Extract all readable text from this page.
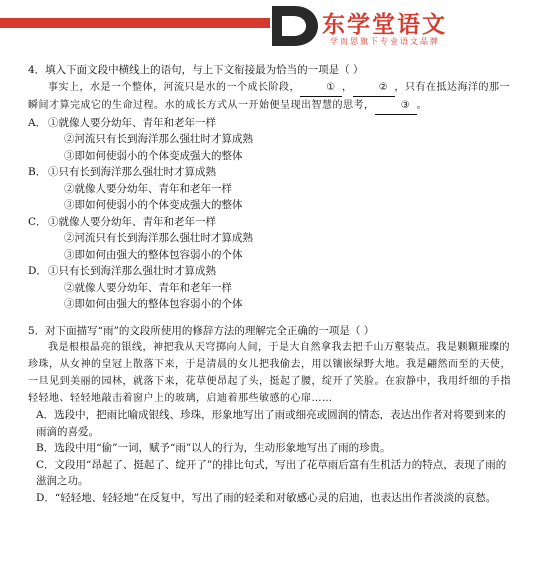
东学堂语文
学而思旗下专业语文品牌

4．填入下面文段中横线上的语句，与上下文衔接最为恰当的一项是（ ）

事实上，水是一个整体，河流只是水的一个成长阶段，	① ，	② ，只有在抵达海洋的那一瞬间才算完成它的生命过程。水的成长方式从一开始便呈现出智慧的思考，	③ 。

A． ①就像人要分幼年、青年和老年一样

②河流只有长到海洋那么强壮时才算成熟

③即如何使弱小的个体变成强大的整体

B． ①只有长到海洋那么强壮时才算成熟

②就像人要分幼年、青年和老年一样

③即如何使弱小的个体变成强大的整体

C．①就像人要分幼年、青年和老年一样

②河流只有长到海洋那么强壮时才算成熟

③即如何由强大的整体包容弱小的个体

D．①只有长到海洋那么强壮时才算成熟

②就像人要分幼年、青年和老年一样

③即如何由强大的整体包容弱小的个体

5．对下面描写“雨”的文段所使用的修辞方法的理解完全正确的一项是（ ）

我是根根晶亮的银线，神把我从天穹掷向人间，于是大自然拿我去把千山万壑装点。我是颗颗璀璨的珍珠，从女神的皇冠上散落下来，于是清晨的女儿把我偷去，用以镶嵌绿野大地。我是翩然而至的天使，一旦见到美丽的园林，就落下来，花草便昂起了头，挺起了腰，绽开了笑脸。在寂静中，我用纤细的手指轻轻地、轻轻地敲击着窗户上的玻璃，启迪着那些敏感的心扉……

A．选段中，把雨比喻成银线、珍珠，形象地写出了雨或细亮或圆润的情态，表达出作者对将要到来的雨滴的喜爱。

B．选段中用“偷”一词，赋予“雨”以人的行为，生动形象地写出了雨的珍贵。

C．文段用“昂起了、挺起了、绽开了”的排比句式，写出了花草雨后富有生机活力的特点，表现了雨的滋润之功。

D．“轻轻地、轻轻地”在反复中，写出了雨的轻柔和对敏感心灵的启迪，也表达出作者淡淡的哀愁。
